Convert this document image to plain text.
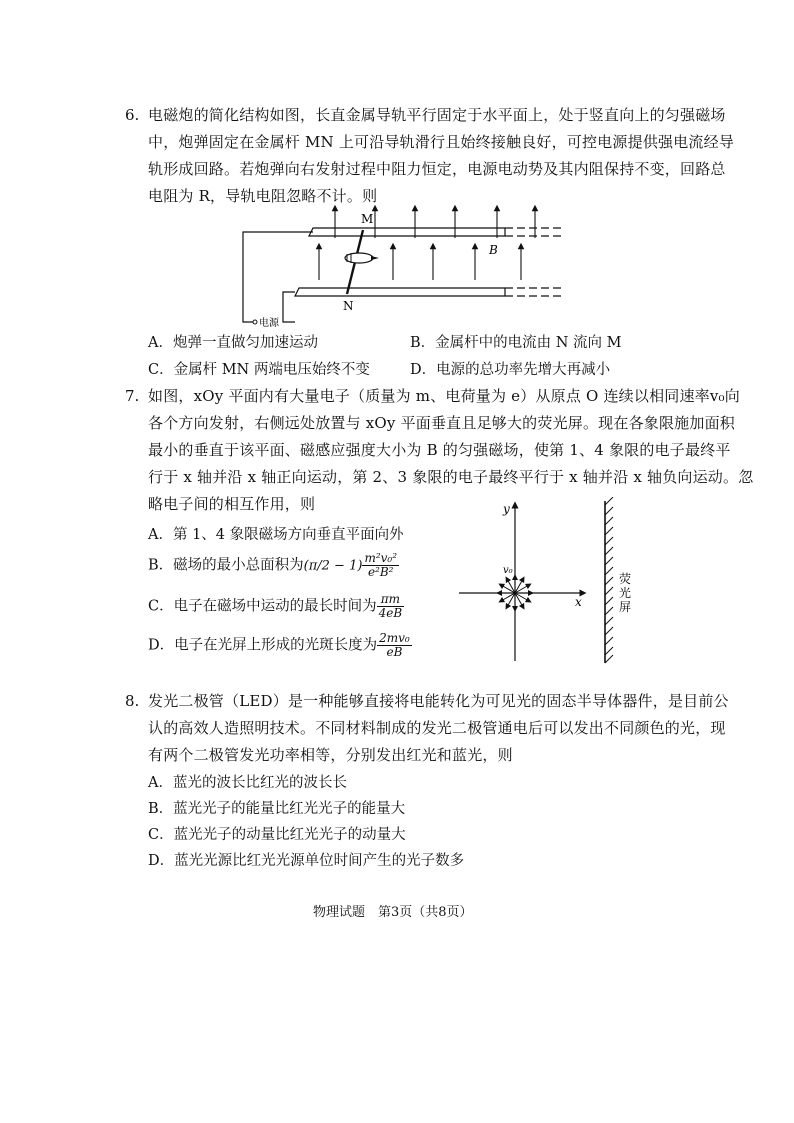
6. 电磁炮的简化结构如图，长直金属导轨平行固定于水平面上，处于竖直向上的匀强磁场
中，炮弹固定在金属杆 MN 上可沿导轨滑行且始终接触良好，可控电源提供强电流经导
轨形成回路。若炮弹向右发射过程中阻力恒定，电源电动势及其内阻保持不变，回路总
电阻为 R，导轨电阻忽略不计。则
电源
M
N
B
A．炮弹一直做匀加速运动	B．金属杆中的电流由 N 流向 M
C．金属杆 MN 两端电压始终不变	D．电源的总功率先增大再减小
7. 如图，xOy 平面内有大量电子（质量为 m、电荷量为 e）从原点 O 连续以相同速率v₀向
各个方向发射，右侧远处放置与 xOy 平面垂直且足够大的荧光屏。现在各象限施加面积
最小的垂直于该平面、磁感应强度大小为 B 的匀强磁场，使第 1、4 象限的电子最终平
行于 x 轴并沿 x 轴正向运动，第 2、3 象限的电子最终平行于 x 轴并沿 x 轴负向运动。忽
略电子间的相互作用，则
A．第 1、4 象限磁场方向垂直平面向外
B．磁场的最小总面积为$(\pi/2 - 1) \frac{\text{m²v₀²}}{\text{e²B²}}$
C．电子在磁场中运动的最长时间为 $\frac{\pi m}{4eB}$
D．电子在光屏上形成的光斑长度为 $\frac{\text{2mv₀}}{eB}$
y
x
v₀
荧
光
屏
8. 发光二极管（LED）是一种能够直接将电能转化为可见光的固态半导体器件，是目前公
认的高效人造照明技术。不同材料制成的发光二极管通电后可以发出不同颜色的光，现
有两个二极管发光功率相等，分别发出红光和蓝光，则
A．蓝光的波长比红光的波长长
B．蓝光光子的能量比红光光子的能量大
C．蓝光光子的动量比红光光子的动量大
D．蓝光光源比红光光源单位时间产生的光子数多
物理试题　第3页（共8页）
